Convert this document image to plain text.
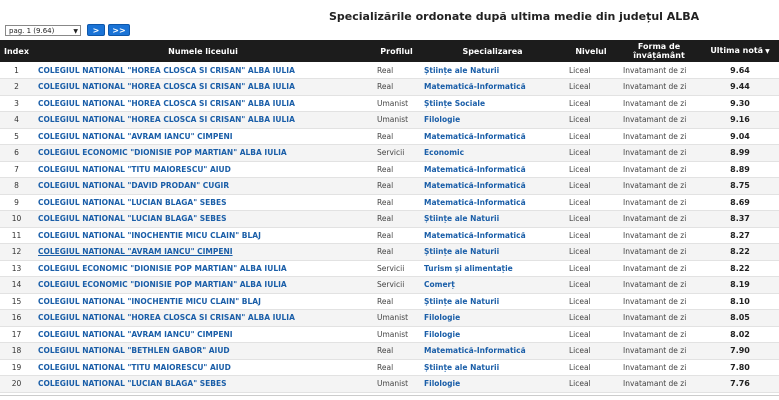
pag. 1 (9.64)	▼	>	>>
Specializările ordonate după ultima medie din județul ALBA
Index	Numele liceului	Profilul	Specializarea	Nivelul	Forma de învățământ	Ultima notă ▼
1	COLEGIUL NATIONAL "HOREA CLOSCA SI CRISAN" ALBA IULIA	Real	Științe ale Naturii	Liceal	Invatamant de zi	9.64
2	COLEGIUL NATIONAL "HOREA CLOSCA SI CRISAN" ALBA IULIA	Real	Matematică-Informatică	Liceal	Invatamant de zi	9.44
3	COLEGIUL NATIONAL "HOREA CLOSCA SI CRISAN" ALBA IULIA	Umanist	Științe Sociale	Liceal	Invatamant de zi	9.30
4	COLEGIUL NATIONAL "HOREA CLOSCA SI CRISAN" ALBA IULIA	Umanist	Filologie	Liceal	Invatamant de zi	9.16
5	COLEGIUL NATIONAL "AVRAM IANCU" CIMPENI	Real	Matematică-Informatică	Liceal	Invatamant de zi	9.04
6	COLEGIUL ECONOMIC "DIONISIE POP MARTIAN" ALBA IULIA	Servicii	Economic	Liceal	Invatamant de zi	8.99
7	COLEGIUL NATIONAL "TITU MAIORESCU" AIUD	Real	Matematică-Informatică	Liceal	Invatamant de zi	8.89
8	COLEGIUL NATIONAL "DAVID PRODAN" CUGIR	Real	Matematică-Informatică	Liceal	Invatamant de zi	8.75
9	COLEGIUL NATIONAL "LUCIAN BLAGA" SEBES	Real	Matematică-Informatică	Liceal	Invatamant de zi	8.69
10	COLEGIUL NATIONAL "LUCIAN BLAGA" SEBES	Real	Științe ale Naturii	Liceal	Invatamant de zi	8.37
11	COLEGIUL NATIONAL "INOCHENTIE MICU CLAIN" BLAJ	Real	Matematică-Informatică	Liceal	Invatamant de zi	8.27
12	COLEGIUL NATIONAL "AVRAM IANCU" CIMPENI	Real	Științe ale Naturii	Liceal	Invatamant de zi	8.22
13	COLEGIUL ECONOMIC "DIONISIE POP MARTIAN" ALBA IULIA	Servicii	Turism și alimentație	Liceal	Invatamant de zi	8.22
14	COLEGIUL ECONOMIC "DIONISIE POP MARTIAN" ALBA IULIA	Servicii	Comerț	Liceal	Invatamant de zi	8.19
15	COLEGIUL NATIONAL "INOCHENTIE MICU CLAIN" BLAJ	Real	Științe ale Naturii	Liceal	Invatamant de zi	8.10
16	COLEGIUL NATIONAL "HOREA CLOSCA SI CRISAN" ALBA IULIA	Umanist	Filologie	Liceal	Invatamant de zi	8.05
17	COLEGIUL NATIONAL "AVRAM IANCU" CIMPENI	Umanist	Filologie	Liceal	Invatamant de zi	8.02
18	COLEGIUL NATIONAL "BETHLEN GABOR" AIUD	Real	Matematică-Informatică	Liceal	Invatamant de zi	7.90
19	COLEGIUL NATIONAL "TITU MAIORESCU" AIUD	Real	Științe ale Naturii	Liceal	Invatamant de zi	7.80
20	COLEGIUL NATIONAL "LUCIAN BLAGA" SEBES	Umanist	Filologie	Liceal	Invatamant de zi	7.76
